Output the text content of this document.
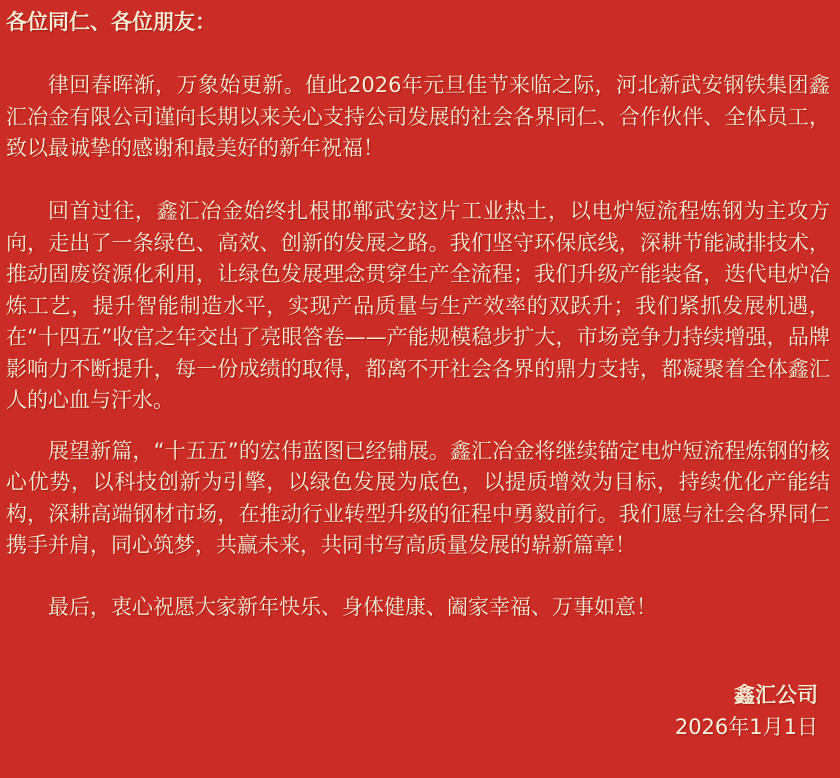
各位同仁、各位朋友：

律回春晖渐，万象始更新。值此2026年元旦佳节来临之际，河北新武安钢铁集团鑫汇冶金有限公司谨向长期以来关心支持公司发展的社会各界同仁、合作伙伴、全体员工，致以最诚挚的感谢和最美好的新年祝福！

回首过往，鑫汇冶金始终扎根邯郸武安这片工业热土，以电炉短流程炼钢为主攻方向，走出了一条绿色、高效、创新的发展之路。我们坚守环保底线，深耕节能减排技术，推动固废资源化利用，让绿色发展理念贯穿生产全流程；我们升级产能装备，迭代电炉冶炼工艺，提升智能制造水平，实现产品质量与生产效率的双跃升；我们紧抓发展机遇，在“十四五”收官之年交出了亮眼答卷——产能规模稳步扩大，市场竞争力持续增强，品牌影响力不断提升，每一份成绩的取得，都离不开社会各界的鼎力支持，都凝聚着全体鑫汇人的心血与汗水。

展望新篇，“十五五”的宏伟蓝图已经铺展。鑫汇冶金将继续锚定电炉短流程炼钢的核心优势，以科技创新为引擎，以绿色发展为底色，以提质增效为目标，持续优化产能结构，深耕高端钢材市场，在推动行业转型升级的征程中勇毅前行。我们愿与社会各界同仁携手并肩，同心筑梦，共赢未来，共同书写高质量发展的崭新篇章！

最后，衷心祝愿大家新年快乐、身体健康、阖家幸福、万事如意！

鑫汇公司
2026年1月1日
